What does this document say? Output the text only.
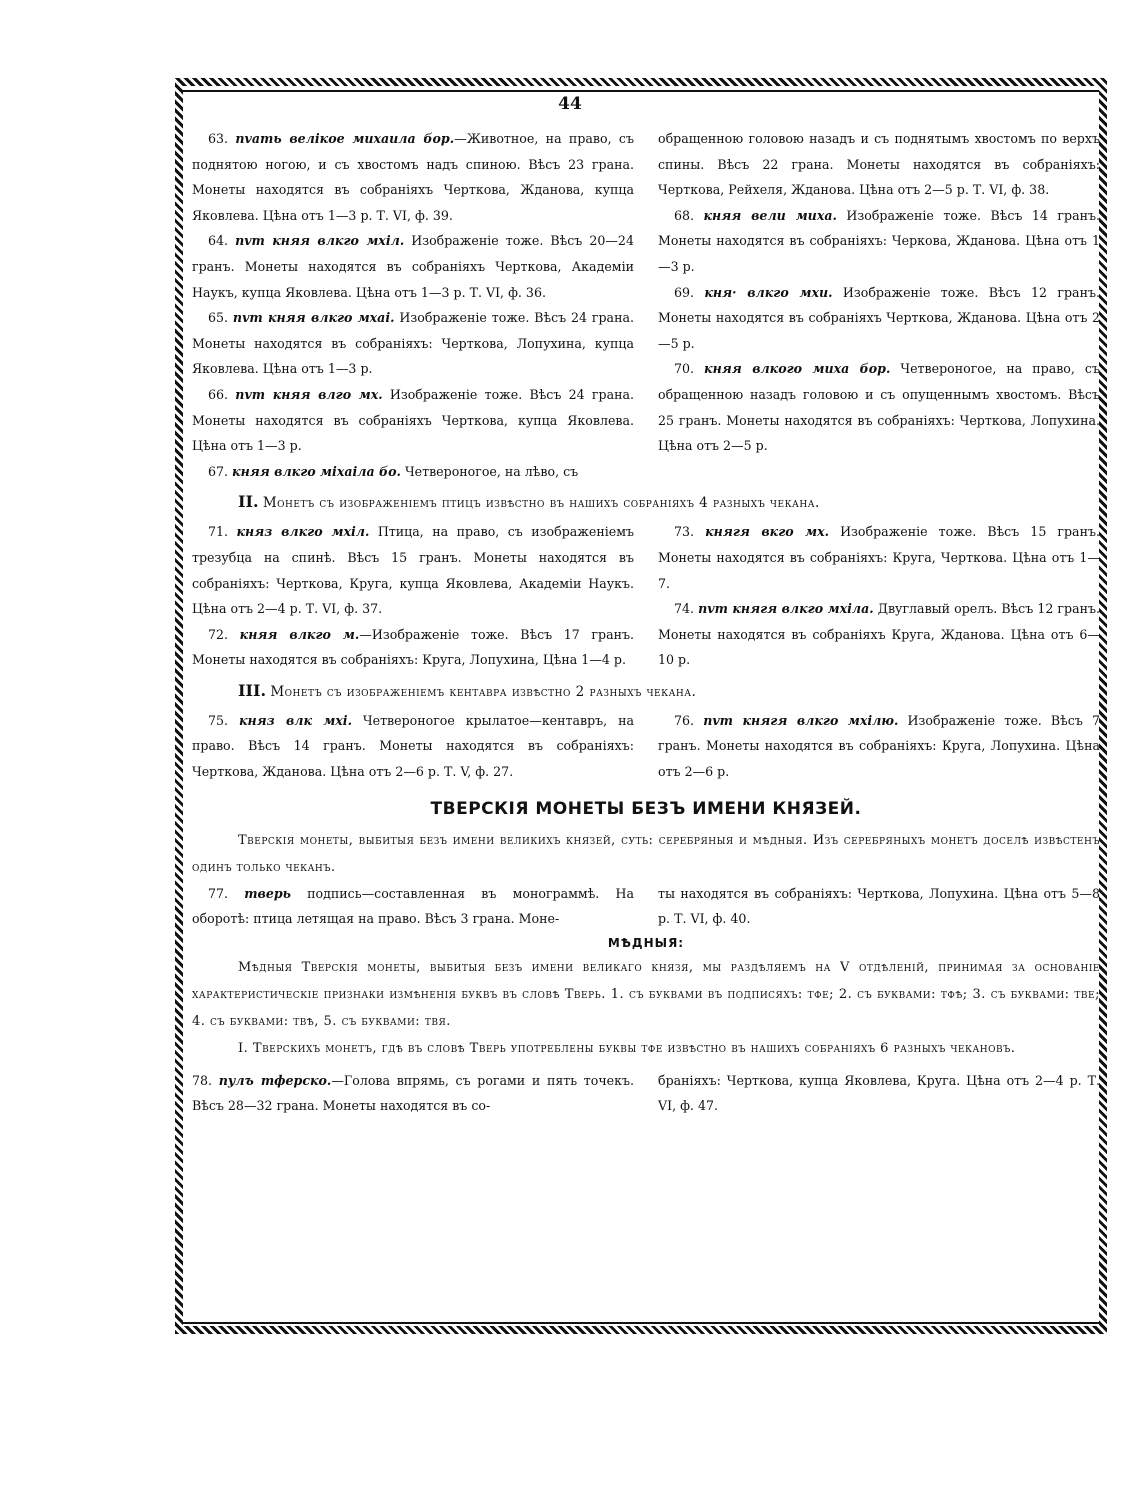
44

63. пvать велiкое михаила бор.—Животное, на право, съ поднятою ногою, и съ хвостомъ надъ спиною. Вѣсъ 23 грана. Монеты находятся въ собранiяхъ Черткова, Жданова, купца Яковлева. Цѣна отъ 1—3 р. Т. VI, ф. 39.

64. пvт княя влкго мхiл. Изображенiе тоже. Вѣсъ 20—24 гранъ. Монеты находятся въ собранiяхъ Черткова, Академiи Наукъ, купца Яковлева. Цѣна отъ 1—3 р. Т. VI, ф. 36.

65. пvт княя влкго мхаi. Изображенiе тоже. Вѣсъ 24 грана. Монеты находятся въ собранiяхъ: Черткова, Лопухина, купца Яковлева. Цѣна отъ 1—3 р.

66. пvт княя влго мх. Изображенiе тоже. Вѣсъ 24 грана. Монеты находятся въ собранiяхъ Черткова, купца Яковлева. Цѣна отъ 1—3 р.

67. княя влкго мiхаiла бо. Четвероногое, на лѣво, съ

обращенною головою назадъ и съ поднятымъ хвостомъ по верхъ спины. Вѣсъ 22 грана. Монеты находятся въ собранiяхъ: Черткова, Рейхеля, Жданова. Цѣна отъ 2—5 р. Т. VI, ф. 38.

68. княя вели миха. Изображенiе тоже. Вѣсъ 14 гранъ. Монеты находятся въ собранiяхъ: Черкова, Жданова. Цѣна отъ 1—3 р.

69. кня· влкго мхи. Изображенiе тоже. Вѣсъ 12 гранъ. Монеты находятся въ собранiяхъ Черткова, Жданова. Цѣна отъ 2—5 р.

70. княя влкого миха бор. Четвероногое, на право, съ обращенною назадъ головою и съ опущеннымъ хвостомъ. Вѣсъ 25 гранъ. Монеты находятся въ собранiяхъ: Черткова, Лопухина. Цѣна отъ 2—5 р.

II. Монетъ съ изображенiемъ птицъ извѣстно въ нашихъ собранiяхъ 4 разныхъ чекана.

71. княз влкго мхiл. Птица, на право, съ изображенiемъ трезубца на спинѣ. Вѣсъ 15 гранъ. Монеты находятся въ собранiяхъ: Черткова, Круга, купца Яковлева, Академiи Наукъ. Цѣна отъ 2—4 р. Т. VI, ф. 37.

72. княя влкго м.—Изображенiе тоже. Вѣсъ 17 гранъ. Монеты находятся въ собранiяхъ: Круга, Лопухина, Цѣна 1—4 р.

73. княгя вкго мх. Изображенiе тоже. Вѣсъ 15 гранъ. Монеты находятся въ собранiяхъ: Круга, Черткова. Цѣна отъ 1—7.

74. пvт княгя влкго мхiла. Двуглавый орелъ. Вѣсъ 12 гранъ. Монеты находятся въ собранiяхъ Круга, Жданова. Цѣна отъ 6—10 р.

III. Монетъ съ изображенiемъ кентавра извѣстно 2 разныхъ чекана.

75. княз влк мхi. Четвероногое крылатое—кентавръ, на право. Вѣсъ 14 гранъ. Монеты находятся въ собранiяхъ: Черткова, Жданова. Цѣна отъ 2—6 р. Т. V, ф. 27.

76. пvт княгя влкго мхiлю. Изображенiе тоже. Вѣсъ 7 гранъ. Монеты находятся въ собранiяхъ: Круга, Лопухина. Цѣна отъ 2—6 р.

ТВЕРСКIЯ МОНЕТЫ БЕЗЪ ИМЕНИ КНЯЗЕЙ.

Тверскiя монеты, выбитыя безъ имени великихъ князей, суть: серебряныя и мѣдныя. Изъ серебряныхъ монетъ доселѣ извѣстенъ одинъ только чеканъ.

77. тверь подпись—составленная въ монограммѣ. На оборотѣ: птица летящая на право. Вѣсъ 3 грана. Моне-

ты находятся въ собранiяхъ: Черткова, Лопухина. Цѣна отъ 5—8 р. Т. VI, ф. 40.

МѢДНЫЯ:

Мѣдныя Тверскiя монеты, выбитыя безъ имени великаго князя, мы раздѣляемъ на V отдѣленiй, принимая за основанiе характеристическiе признаки измѣненiя буквъ въ словѣ Тверь. 1. съ буквами въ подписяхъ: тфе; 2. съ буквами: тфѣ; 3. съ буквами: тве; 4. съ буквами: твѣ, 5. съ буквами: твя.

I. Тверскихъ монетъ, гдѣ въ словѣ Тверь употреблены буквы тфе извѣстно въ нашихъ собранiяхъ 6 разныхъ чекановъ.

78. пулъ тферско.—Голова впрямь, съ рогами и пять точекъ. Вѣсъ 28—32 грана. Монеты находятся въ со-

бранiяхъ: Черткова, купца Яковлева, Круга. Цѣна отъ 2—4 р. Т. VI, ф. 47.
